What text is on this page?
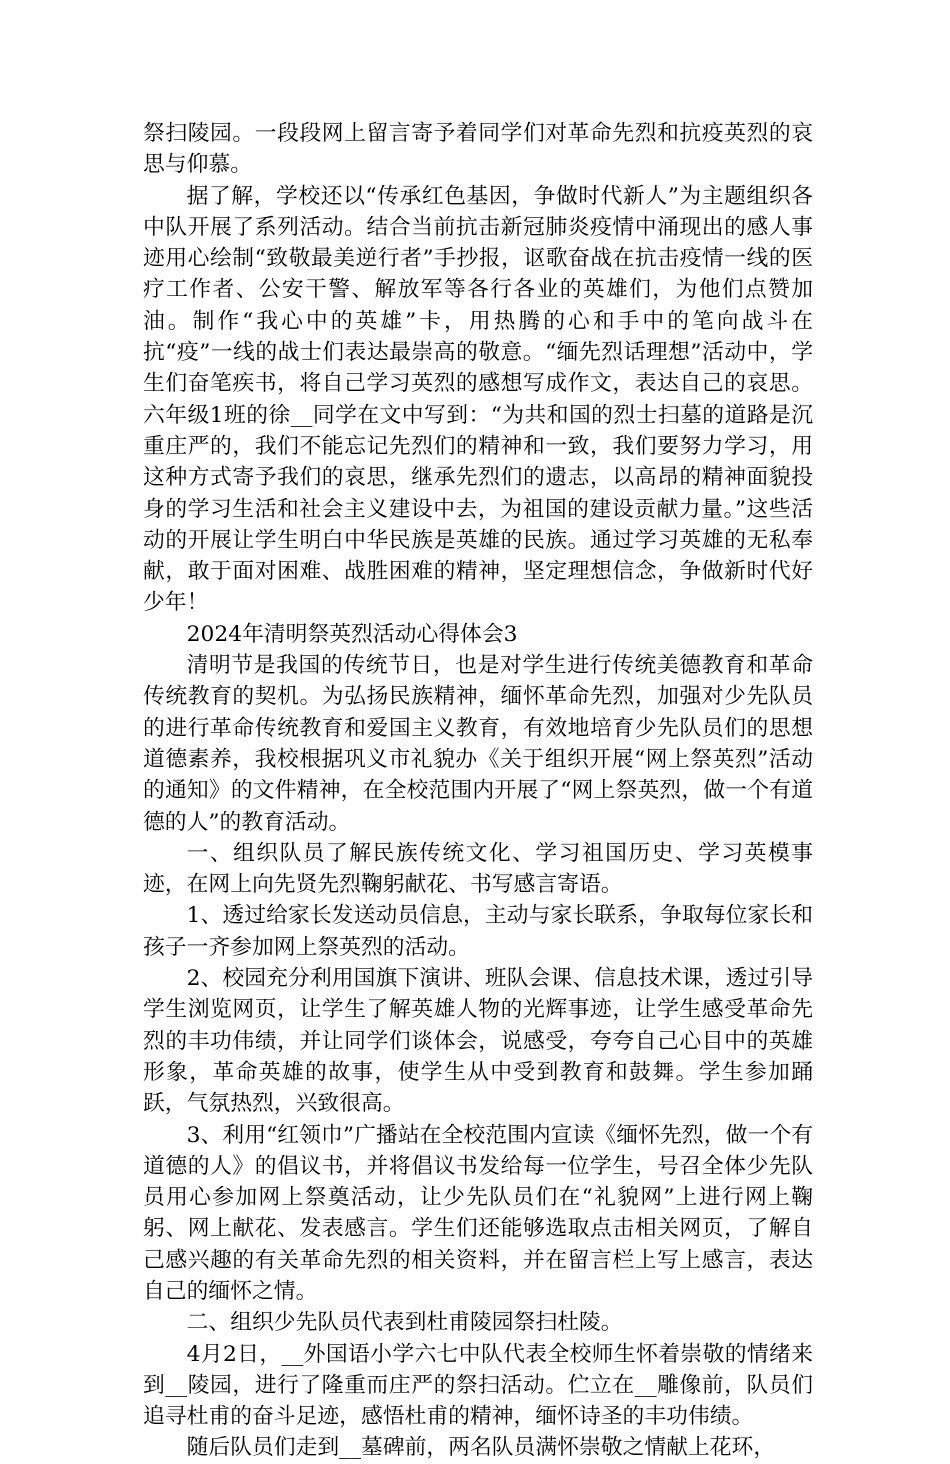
祭扫陵园。一段段网上留言寄予着同学们对革命先烈和抗疫英烈的哀思与仰慕。

据了解，学校还以“传承红色基因，争做时代新人”为主题组织各中队开展了系列活动。结合当前抗击新冠肺炎疫情中涌现出的感人事迹用心绘制“致敬最美逆行者”手抄报，讴歌奋战在抗击疫情一线的医疗工作者、公安干警、解放军等各行各业的英雄们，为他们点赞加油。制作“我心中的英雄”卡，用热腾的心和手中的笔向战斗在抗“疫”一线的战士们表达最崇高的敬意。“缅先烈话理想”活动中，学生们奋笔疾书，将自己学习英烈的感想写成作文，表达自己的哀思。六年级1班的徐__同学在文中写到：“为共和国的烈士扫墓的道路是沉重庄严的，我们不能忘记先烈们的精神和一致，我们要努力学习，用这种方式寄予我们的哀思，继承先烈们的遗志，以高昂的精神面貌投身的学习生活和社会主义建设中去，为祖国的建设贡献力量。”这些活动的开展让学生明白中华民族是英雄的民族。通过学习英雄的无私奉献，敢于面对困难、战胜困难的精神，坚定理想信念，争做新时代好少年！

2024年清明祭英烈活动心得体会3

清明节是我国的传统节日，也是对学生进行传统美德教育和革命传统教育的契机。为弘扬民族精神，缅怀革命先烈，加强对少先队员的进行革命传统教育和爱国主义教育，有效地培育少先队员们的思想道德素养，我校根据巩义市礼貌办《关于组织开展“网上祭英烈”活动的通知》的文件精神，在全校范围内开展了“网上祭英烈，做一个有道德的人”的教育活动。

一、组织队员了解民族传统文化、学习祖国历史、学习英模事迹，在网上向先贤先烈鞠躬献花、书写感言寄语。

1、透过给家长发送动员信息，主动与家长联系，争取每位家长和孩子一齐参加网上祭英烈的活动。

2、校园充分利用国旗下演讲、班队会课、信息技术课，透过引导学生浏览网页，让学生了解英雄人物的光辉事迹，让学生感受革命先烈的丰功伟绩，并让同学们谈体会，说感受，夸夸自己心目中的英雄形象，革命英雄的故事，使学生从中受到教育和鼓舞。学生参加踊跃，气氛热烈，兴致很高。

3、利用“红领巾”广播站在全校范围内宣读《缅怀先烈，做一个有道德的人》的倡议书，并将倡议书发给每一位学生，号召全体少先队员用心参加网上祭奠活动，让少先队员们在“礼貌网”上进行网上鞠躬、网上献花、发表感言。学生们还能够选取点击相关网页，了解自己感兴趣的有关革命先烈的相关资料，并在留言栏上写上感言，表达自己的缅怀之情。

二、组织少先队员代表到杜甫陵园祭扫杜陵。

4月2日，__外国语小学六七中队代表全校师生怀着崇敬的情绪来到__陵园，进行了隆重而庄严的祭扫活动。伫立在__雕像前，队员们追寻杜甫的奋斗足迹，感悟杜甫的精神，缅怀诗圣的丰功伟绩。

随后队员们走到__墓碑前，两名队员满怀崇敬之情献上花环，
